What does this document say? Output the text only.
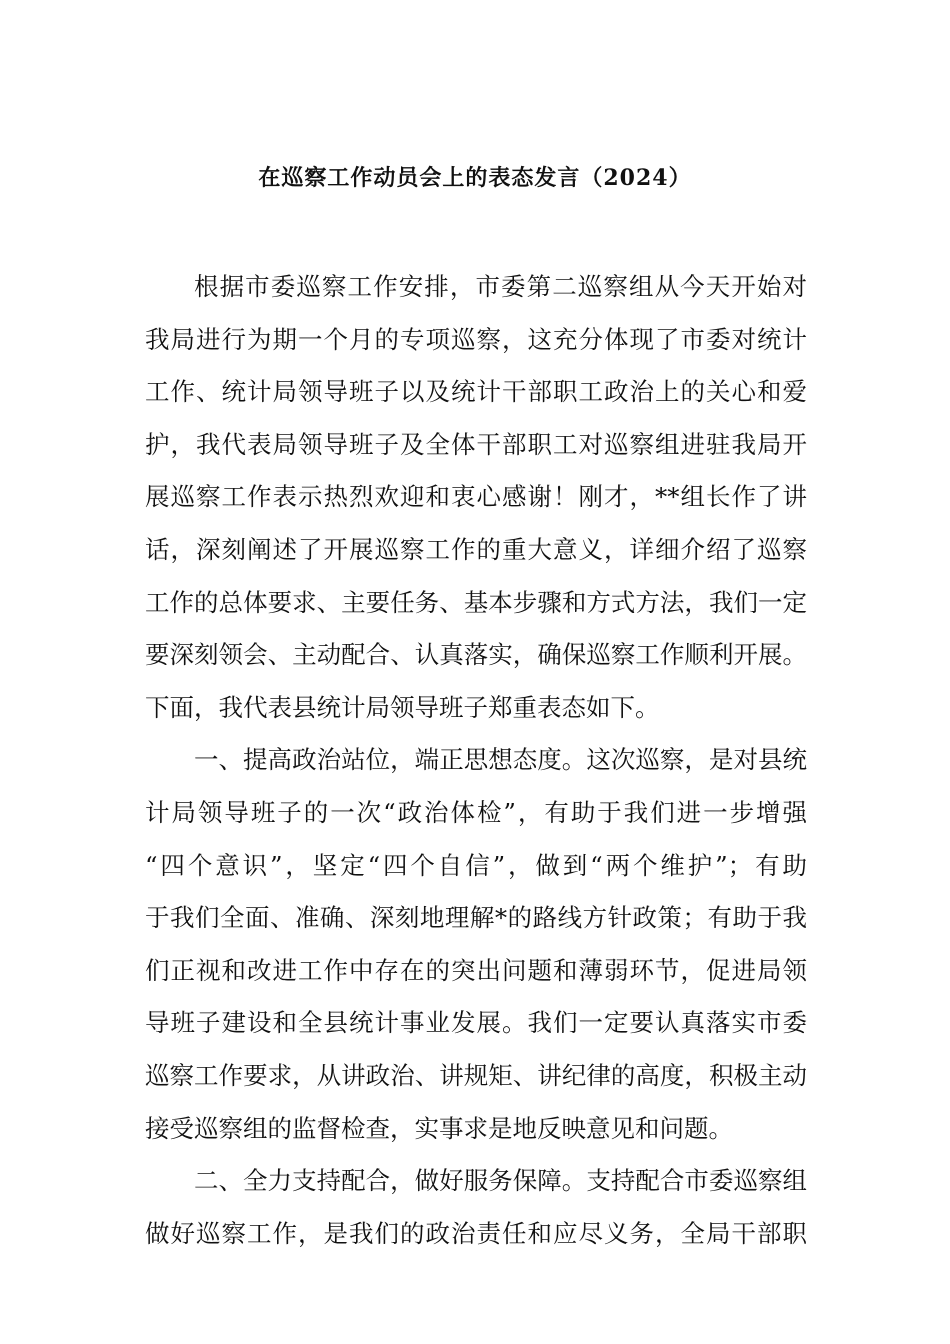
在巡察工作动员会上的表态发言（2024）
根据市委巡察工作安排，市委第二巡察组从今天开始对
我局进行为期一个月的专项巡察，这充分体现了市委对统计
工作、统计局领导班子以及统计干部职工政治上的关心和爱
护，我代表局领导班子及全体干部职工对巡察组进驻我局开
展巡察工作表示热烈欢迎和衷心感谢！刚才，**组长作了讲
话，深刻阐述了开展巡察工作的重大意义，详细介绍了巡察
工作的总体要求、主要任务、基本步骤和方式方法，我们一定
要深刻领会、主动配合、认真落实，确保巡察工作顺利开展。
下面，我代表县统计局领导班子郑重表态如下。
一、提高政治站位，端正思想态度。这次巡察，是对县统
计局领导班子的一次“政治体检”，有助于我们进一步增强
“四个意识”，坚定“四个自信”，做到“两个维护”；有助
于我们全面、准确、深刻地理解*的路线方针政策；有助于我
们正视和改进工作中存在的突出问题和薄弱环节，促进局领
导班子建设和全县统计事业发展。我们一定要认真落实市委
巡察工作要求，从讲政治、讲规矩、讲纪律的高度，积极主动
接受巡察组的监督检查，实事求是地反映意见和问题。
二、全力支持配合，做好服务保障。支持配合市委巡察组
做好巡察工作，是我们的政治责任和应尽义务，全局干部职
